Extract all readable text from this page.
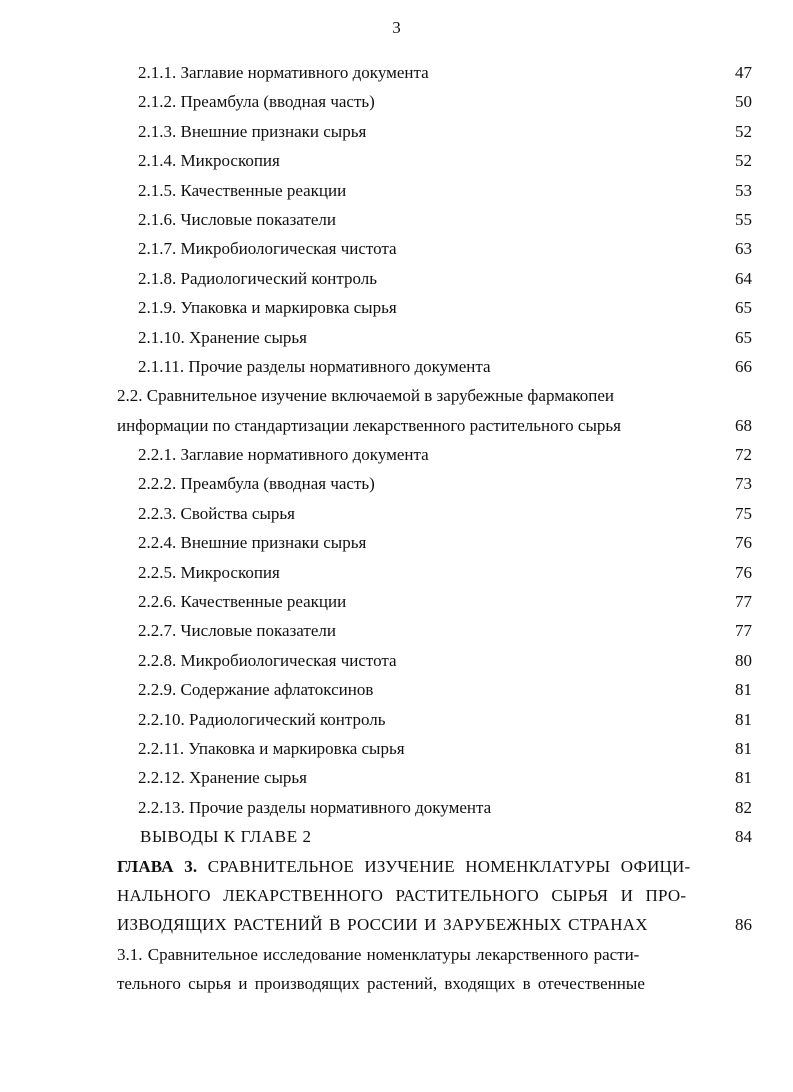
3
2.1.1. Заглавие нормативного документа	47
2.1.2. Преамбула (вводная часть)	50
2.1.3. Внешние признаки сырья	52
2.1.4. Микроскопия	52
2.1.5. Качественные реакции	53
2.1.6. Числовые показатели	55
2.1.7. Микробиологическая чистота	63
2.1.8. Радиологический контроль	64
2.1.9. Упаковка и маркировка сырья	65
2.1.10. Хранение сырья	65
2.1.11. Прочие разделы нормативного документа	66
2.2. Сравнительное изучение включаемой в зарубежные фармакопеи
информации по стандартизации лекарственного растительного сырья	68
2.2.1. Заглавие нормативного документа	72
2.2.2. Преамбула (вводная часть)	73
2.2.3. Свойства сырья	75
2.2.4. Внешние признаки сырья	76
2.2.5. Микроскопия	76
2.2.6. Качественные реакции	77
2.2.7. Числовые показатели	77
2.2.8. Микробиологическая чистота	80
2.2.9. Содержание афлатоксинов	81
2.2.10. Радиологический контроль	81
2.2.11. Упаковка и маркировка сырья	81
2.2.12. Хранение сырья	81
2.2.13. Прочие разделы нормативного документа	82
ВЫВОДЫ К ГЛАВЕ 2	84
ГЛАВА 3. СРАВНИТЕЛЬНОЕ ИЗУЧЕНИЕ НОМЕНКЛАТУРЫ ОФИЦИ-
НАЛЬНОГО ЛЕКАРСТВЕННОГО РАСТИТЕЛЬНОГО СЫРЬЯ И ПРО-
ИЗВОДЯЩИХ РАСТЕНИЙ В РОССИИ И ЗАРУБЕЖНЫХ СТРАНАХ	86
3.1. Сравнительное исследование номенклатуры лекарственного расти-
тельного сырья и производящих растений, входящих в отечественные
